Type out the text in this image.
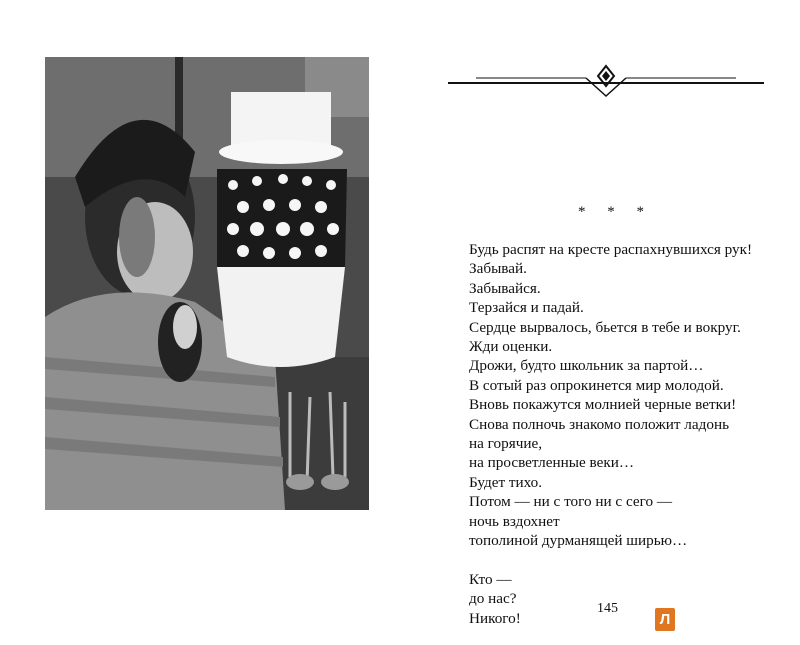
* * *
Будь распят на кресте распахнувшихся рук!
Забывай.
Забывайся.
Терзайся и падай.
Сердце вырвалось, бьется в тебе и вокруг.
Жди оценки.
Дрожи, будто школьник за партой…
В сотый раз опрокинется мир молодой.
Вновь покажутся молнией черные ветки!
Снова полночь знакомо положит ладонь
на горячие,
на просветленные веки…
Будет тихо.
Потом — ни с того ни с сего —
ночь вздохнет
тополиной дурманящей ширью…
Кто —
до нас?
Никого!
145
Л
